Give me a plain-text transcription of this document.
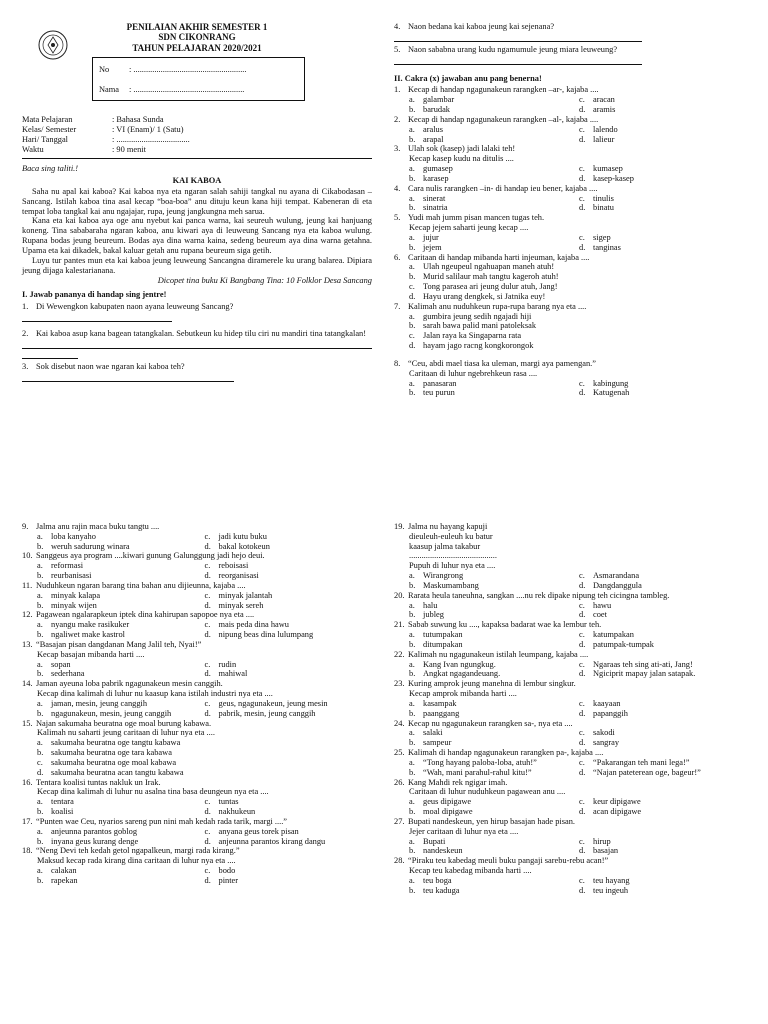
PENILAIAN AKHIR SEMESTER 1
SDN CIKONRANG
TAHUN PELAJARAN 2020/2021
No	: ......................................................
Nama	: .....................................................
Mata Pelajaran	: Bahasa Sunda
Kelas/ Semester	: VI (Enam)/ 1 (Satu)
Hari/ Tanggal	: ...................................
Waktu	: 90 menit
Baca sing taliti.!
KAI KABOA

Saha nu apal kai kaboa? Kai kaboa nya eta ngaran salah sahiji tangkal nu ayana di Cikabodasan – Sancang. Istilah kaboa tina asal kecap “boa-boa” anu dituju keun kana hiji tempat. Kabeneran di eta tempat loba tangkal kai anu ngajajar, rupa, jeung jangkungna meh sarua.

Kana eta kai kaboa aya oge anu nyebut kai panca warna, kai seureuh wulung, jeung kai hanjuang koneng. Tina sababaraha ngaran kaboa, anu kiwari aya di leuweung Sancang nya eta kaboa wulung. Rupana bodas jeung beureum. Bodas aya dina warna kaina, sedeng beureum aya dina warna getahna. Upama eta kai dikadek, bakal kaluar getah anu rupana beureum siga getih.

Luyu tur pantes mun eta kai kaboa jeung leuweung Sancangna diramerele ku urang balarea. Dipiara jeung dijaga kalestarianana.

Dicopet tina buku Ki Bangbang Tina: 10 Folklor Desa Sancang
I. Jawab pananya di handap sing jentre!
1. Di Wewengkon kabupaten naon ayana leuweung Sancang?
2. Kai kaboa asup kana bagean tatangkalan. Sebutkeun ku hidep tilu ciri nu mandiri tina tatangkalan!
3. Sok disebut naon wae ngaran kai kaboa teh?
4. Naon bedana kai kaboa jeung kai sejenana?
5. Naon sababna urang kudu ngamumule jeung miara leuweung?
II. Cakra (x) jawaban anu pang benerna!
1. Kecap di handap ngagunakeun rarangken –ar-, kajaba ....
a. galambar	c. aracan
b. barudak	d. aramis
2. Kecap di handap ngagunakeun rarangken –al-, kajaba ....
a. aralus	c. lalendo
b. arapal	d. lalieur
3. Ulah sok (kasep) jadi lalaki teh!
Kecap kasep kudu na ditulis ....
a. gumasep	c. kumasep
b. karasep	d. kasep-kasep
4. Cara nulis rarangken –in- di handap ieu bener, kajaba ....
a. sinerat	c. tinulis
b. sinatria	d. binatu
5. Yudi mah jumm pisan mancen tugas teh.
Kecap jejem saharti jeung kecap ....
a. jujur	c. sigep
b. jejem	d. tanginas
6. Caritaan di handap mibanda harti injeuman, kajaba ....
a. Ulah ngeupeul ngahuapan maneh atuh!
b. Murid salilaur mah tangtu kageroh atuh!
c. Tong parasea ari jeung dulur atuh, Jang!
d. Hayu urang dengkek, si Jatnika euy!
7. Kalimah anu nuduhkeun rupa-rupa barang nya eta ....
a. gumbira jeung sedih ngajadi hiji
b. sarah bawa palid mani patoleksak
c. Jalan raya ka Singaparna rata
d. hayam jago racng kongkorongok
8. “Ceu, abdi mael tiasa ka uleman, margi aya pamengan.”
Caritaan di luhur ngebrehkeun rasa ....
a. panasaran	c. kabingung
b. teu purun	d. Katugenah
9. Jalma anu rajin maca buku tangtu ....
a. loba kanyaho	c. jadi kutu buku
b. weruh sadurung winara	d. bakal kotokeun
10. Sanggeus aya program ....kiwari gunung Galunggung jadi hejo deui.
a. reformasi	c. reboisasi
b. reurbanisasi	d. reorganisasi
11. Nuduhkeun ngaran barang tina bahan anu dijieunna, kajaba ....
a. minyak kalapa	c. minyak jalantah
b. minyak wijen	d. minyak sereh
12. Pagawean ngalarapkeun iptek dina kahirupan sapopoe nya eta ....
a. nyangu make rasikuker	c. mais peda dina hawu
b. ngaliwet make kastrol	d. nipung beas dina lulumpang
13. “Basajan pisan dangdanan Mang Jalil teh, Nyai!”
Kecap basajan mibanda harti ....
a. sopan	c. rudin
b. sederhana	d. mahiwal
14. Jaman ayeuna loba pabrik ngagunakeun mesin canggih.
Kecap dina kalimah di luhur nu kaasup kana istilah industri nya eta ....
a. jaman, mesin, jeung canggih	c. geus, ngagunakeun, jeung mesin
b. ngagunakeun, mesin, jeung canggih	d. pabrik, mesin, jeung canggih
15. Najan sakumaha beuratna oge moal burung kabawa.
Kalimah nu saharti jeung caritaan di luhur nya eta ....
a. sakumaha beuratna oge tangtu kabawa
b. sakumaha beuratna oge tara kabawa
c. sakumaha beuratna oge moal kabawa
d. sakumaha beuratna acan tangtu kabawa
16. Tentara koalisi tuntas nakluk un Irak.
Kecap dina kalimah di luhur nu asalna tina basa deungeun nya eta ....
a. tentara	c. tuntas
b. koalisi	d. nakhukeun
17. “Punten wae Ceu, nyarios sareng pun nini mah kedah rada tarik, margi ....”
a. anjeunna parantos goblog	c. anyana geus torek pisan
b. inyana geus kurang denge	d. anjeunna parantos kirang dangu
18. “Neng Devi teh kedah getol ngapalkeun, margi rada kirang.”
Maksud kecap rada kirang dina caritaan di luhur nya eta ....
a. calakan	c. bodo
b. rapekan	d. pinter
19. Jalma nu hayang kapuji
dieuleuh-euleuh ku batur
kaasup jalma takabur
..........................................
Pupuh di luhur nya eta ....
a. Wirangrong	c. Asmarandana
b. Maskumambang	d. Dangdanggula
20. Rarata heula taneuhna, sangkan ....nu rek dipake nipung teh cicingna tambleg.
a. halu	c. hawu
b. jubleg	d. coet
21. Sabab suwung ku ...., kapaksa badarat wae ka lembur teh.
a. tutumpakan	c. katumpakan
b. ditumpakan	d. patumpak-tumpak
22. Kalimah nu ngagunakeun istilah leumpang, kajaba ....
a. Kang Ivan ngungkug.	c. Ngaraas teh sing ati-ati, Jang!
b. Angkat ngagandeuang.	d. Ngiciprit mapay jalan satapak.
23. Kuring amprok jeung manehna di lembur singkur.
Kecap amprok mibanda harti ....
a. kasampak	c. kaayaan
b. paanggang	d. papanggih
24. Kecap nu ngagunakeun rarangken sa-, nya eta ....
a. salaki	c. sakodi
b. sampeur	d. sangray
25. Kalimah di handap ngagunakeun rarangken pa-, kajaba ....
a. “Tong hayang paloba-loba, atuh!”	c. “Pakarangan teh mani lega!”
b. “Wah, mani parahul-rahul kitu!”	d. “Najan pateterean oge, bageur!”
26. Kang Mahdi rek ngigar imah.
Caritaan di luhur nuduhkeun pagawean anu ....
a. geus dipigawe	c. keur dipigawe
b. moal dipigawe	d. acan dipigawe
27. Bupati nandeskeun, yen hirup basajan hade pisan.
Jejer caritaan di luhur nya eta ....
a. Bupati	c. hirup
b. nandeskeun	d. basajan
28. “Piraku teu kabedag meuli buku pangaji sarebu-rebu acan!”
Kecap teu kabedag mibanda harti ....
a. teu boga	c. teu hayang
b. teu kaduga	d. teu ingeuh
